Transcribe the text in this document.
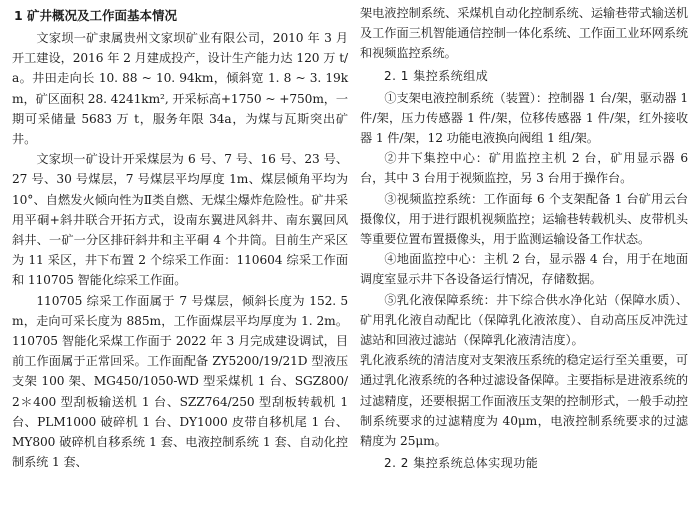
1 矿井概况及工作面基本情况

文家坝一矿隶属贵州文家坝矿业有限公司，2010 年 3 月开工建设，2016 年 2 月建成投产，设计生产能力达 120 万 t/a。井田走向长 10. 88 ~ 10. 94km，倾斜宽 1. 8 ~ 3. 19km，矿区面积 28. 4241km², 开采标高+1750 ~ +750m，一期可采储量 5683 万 t，服务年限 34a，为煤与瓦斯突出矿井。

文家坝一矿设计开采煤层为 6 号、7 号、16 号、23 号、27 号、30 号煤层，7 号煤层平均厚度 1m、煤层倾角平均为 10°、自燃发火倾向性为Ⅱ类自燃、无煤尘爆炸危险性。矿井采用平硐+斜井联合开拓方式，设南东翼进风斜井、南东翼回风斜井、一矿一分区排矸斜井和主平硐 4 个井筒。目前生产采区为 11 采区，井下布置 2 个综采工作面：110604 综采工作面和 110705 智能化综采工作面。

110705 综采工作面属于 7 号煤层，倾斜长度为 152. 5m，走向可采长度为 885m，工作面煤层平均厚度为 1. 2m。110705 智能化采煤工作面于 2022 年 3 月完成建设调试，目前工作面属于正常回采。工作面配备 ZY5200/19/21D 型液压支架 100 架、MG450/1050-WD 型采煤机 1 台、SGZ800/2＊400 型刮板输送机 1 台、SZZ764/250 型刮板转载机 1 台、PLM1000 破碎机 1 台、DY1000 皮带自移机尾 1 台、MY800 破碎机自移系统 1 套、电液控制系统 1 套、自动化控制系统 1 套、

架电液控制系统、采煤机自动化控制系统、运输巷带式输送机及工作面三机智能通信控制一体化系统、工作面工业环网系统和视频监控系统。

2. 1 集控系统组成

①支架电液控制系统（装置）：控制器 1 台/架，驱动器 1 件/架，压力传感器 1 件/架，位移传感器 1 件/架，红外接收器 1 件/架，12 功能电液换向阀组 1 组/架。

②井下集控中心：矿用监控主机 2 台，矿用显示器 6 台，其中 3 台用于视频监控，另 3 台用于操作台。

③视频监控系统：工作面每 6 个支架配备 1 台矿用云台摄像仪，用于进行跟机视频监控；运输巷转载机头、皮带机头等重要位置布置摄像头，用于监测运输设备工作状态。

④地面监控中心：主机 2 台，显示器 4 台，用于在地面调度室显示井下各设备运行情况，存储数据。

⑤乳化液保障系统：井下综合供水净化站（保障水质）、矿用乳化液自动配比（保障乳化液浓度）、自动高压反冲洗过滤站和回液过滤站（保障乳化液清洁度）。

乳化液系统的清洁度对支架液压系统的稳定运行至关重要，可通过乳化液系统的各种过滤设备保障。主要指标是进液系统的过滤精度，还要根据工作面液压支架的控制形式，一般手动控制系统要求的过滤精度为 40μm，电液控制系统要求的过滤精度为 25μm。

2. 2 集控系统总体实现功能
